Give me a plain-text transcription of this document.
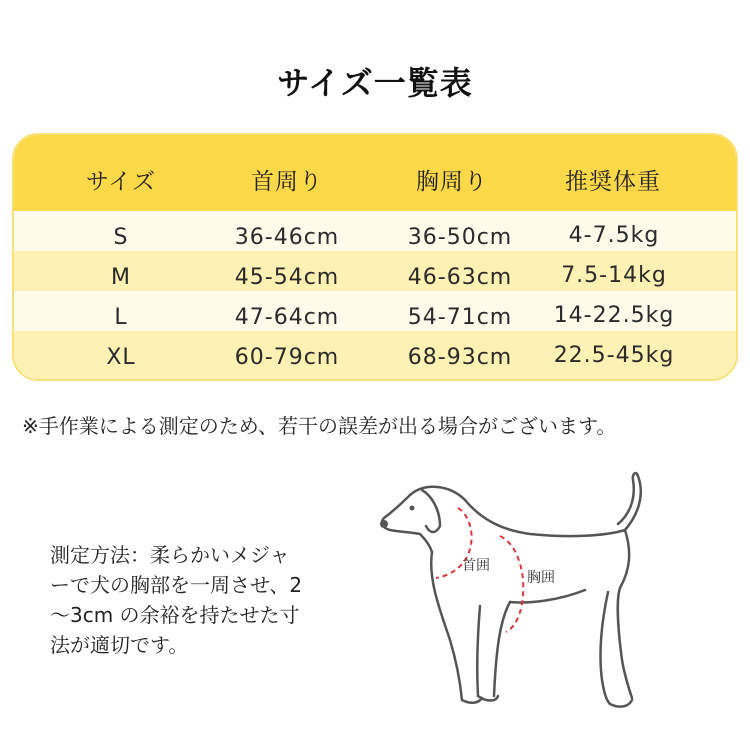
サイズ一覧表
サイズ	首周り	胸周り	推奨体重
S	36-46cm	36-50cm	4-7.5kg
M	45-54cm	46-63cm 7.5-14kg
L	47-64cm	54-71cm 14-22.5kg
XL	60-79cm	68-93cm 22.5-45kg
※手作業による測定のため、若干の誤差が出る場合がございます。
測定方法：柔らかいメジャ
ーで犬の胸部を一周させ、2
～3cm の余裕を持たせた寸
法が適切です。
首囲
胸囲
